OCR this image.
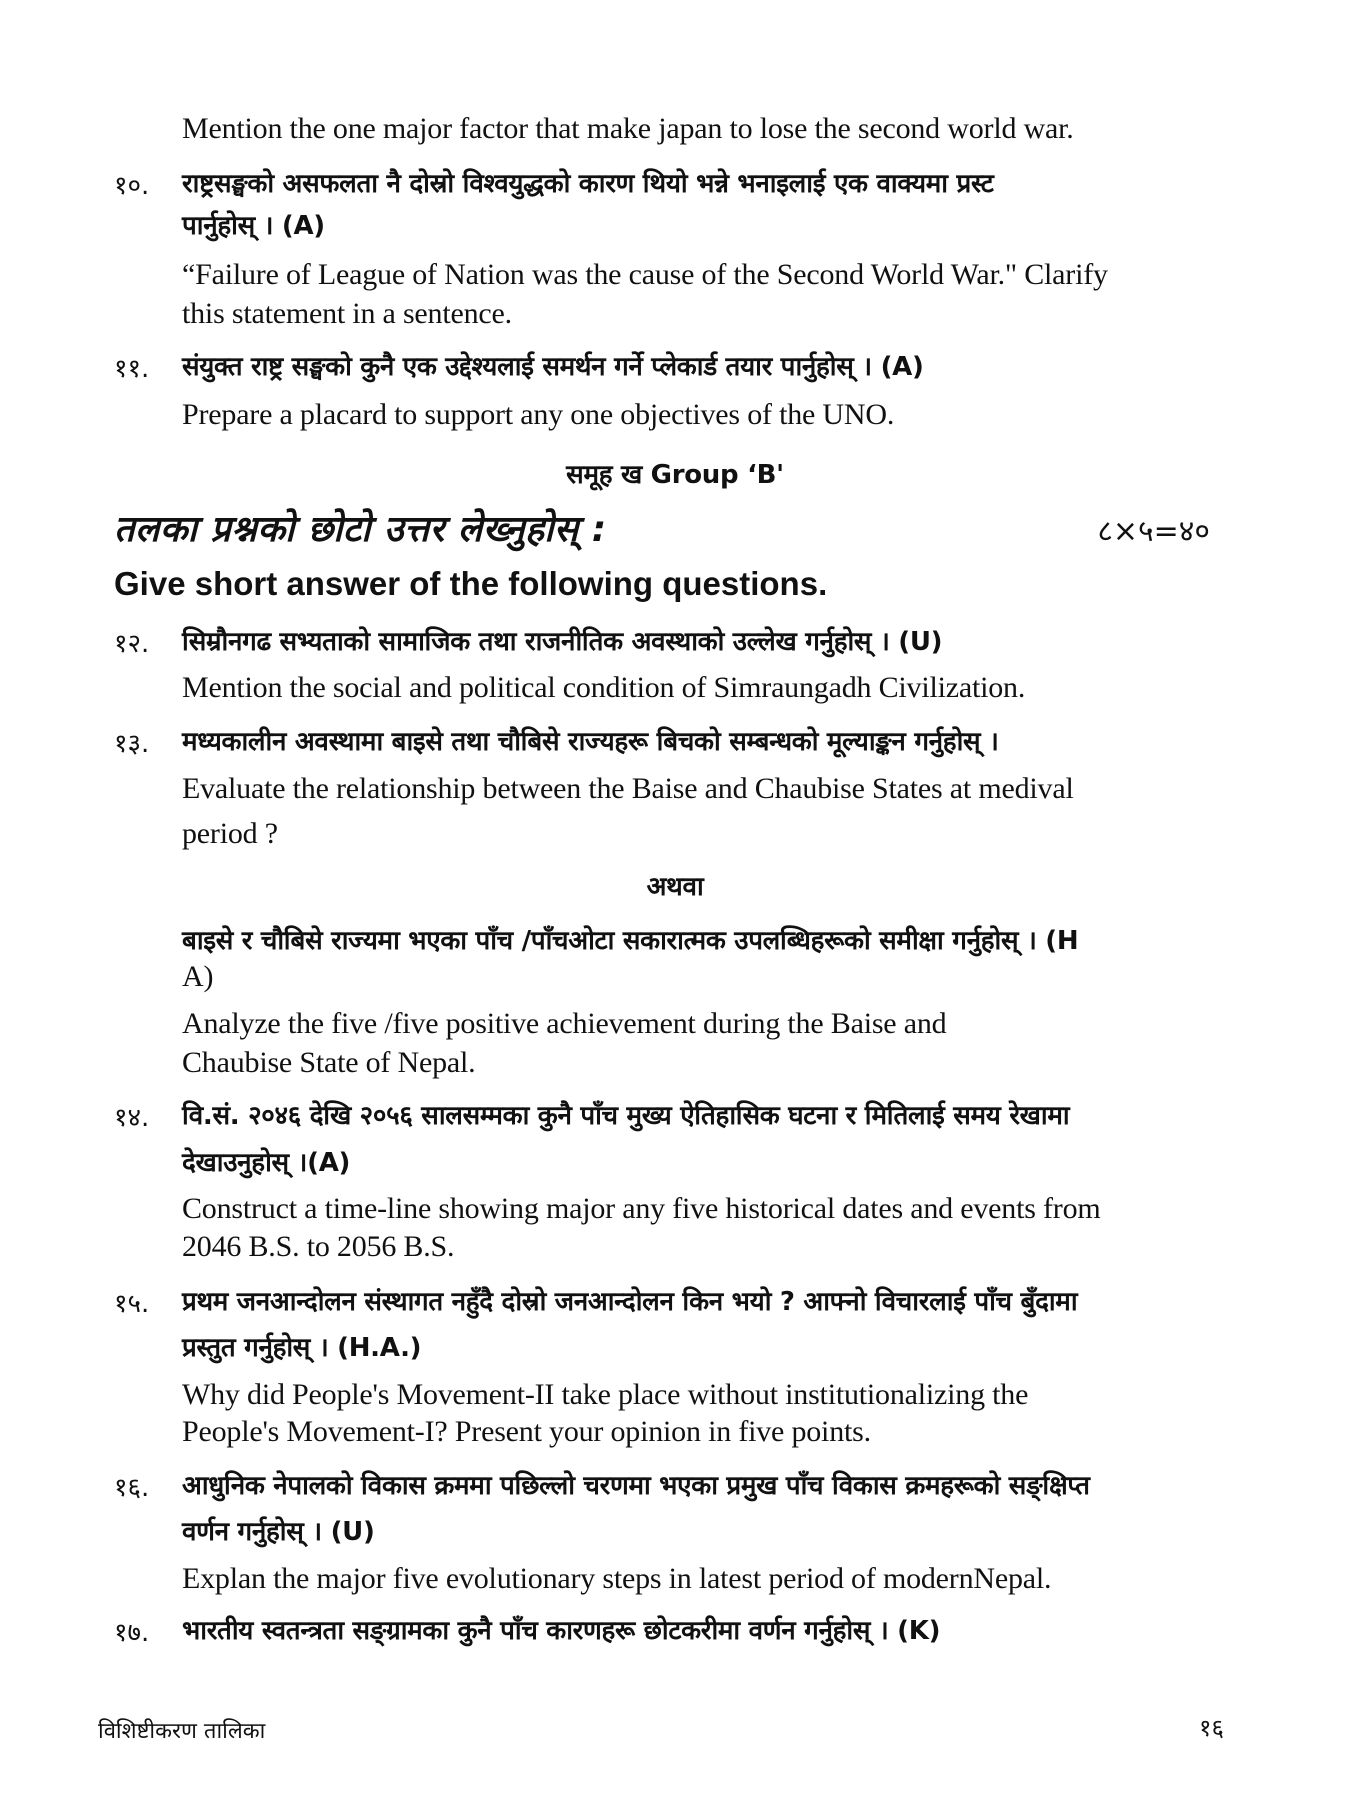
Mention the one major factor that make japan to lose the second world war.
१०. राष्ट्रसङ्घको असफलता नै दोस्रो विश्वयुद्धको कारण थियो भन्ने भनाइलाई एक वाक्यमा प्रस्ट
पार्नुहोस् । (A)
“Failure of League of Nation was the cause of the Second World War." Clarify
this statement in a sentence.
११. संयुक्त राष्ट्र सङ्घको कुनै एक उद्देश्यलाई समर्थन गर्ने प्लेकार्ड तयार पार्नुहोस् । (A)
Prepare a placard to support any one objectives of the UNO.
समूह ख Group ‘B'
तलका प्रश्नको छोटो उत्तर लेख्नुहोस् :	८×५=४०
Give short answer of the following questions.
१२. सिम्रौनगढ सभ्यताको सामाजिक तथा राजनीतिक अवस्थाको उल्लेख गर्नुहोस् । (U)
Mention the social and political condition of Simraungadh Civilization.
१३. मध्यकालीन अवस्थामा बाइसे तथा चौबिसे राज्यहरू बिचको सम्बन्धको मूल्याङ्कन गर्नुहोस् ।
Evaluate the relationship between the Baise and Chaubise States at medival
period ?
अथवा
बाइसे र चौबिसे राज्यमा भएका पाँच /पाँचओटा सकारात्मक उपलब्धिहरूको समीक्षा गर्नुहोस् । (H
A)
Analyze the five /five positive achievement during the Baise and
Chaubise State of Nepal.
१४. वि.सं. २०४६ देखि २०५६ सालसम्मका कुनै पाँच मुख्य ऐतिहासिक घटना र मितिलाई समय रेखामा
देखाउनुहोस् ।(A)
Construct a time-line showing major any five historical dates and events from
2046 B.S. to 2056 B.S.
१५. प्रथम जनआन्दोलन संस्थागत नहुँदै दोस्रो जनआन्दोलन किन भयो ? आफ्नो विचारलाई पाँच बुँदामा
प्रस्तुत गर्नुहोस् । (H.A.)
Why did People's Movement-II take place without institutionalizing the
People's Movement-I? Present your opinion in five points.
१६. आधुनिक नेपालको विकास क्रममा पछिल्लो चरणमा भएका प्रमुख पाँच विकास क्रमहरूको सङ्क्षिप्त
वर्णन गर्नुहोस् । (U)
Explan the major five evolutionary steps in latest period of modernNepal.
१७. भारतीय स्वतन्त्रता सङ्ग्रामका कुनै पाँच कारणहरू छोटकरीमा वर्णन गर्नुहोस् । (K)
विशिष्टीकरण तालिका	१६
